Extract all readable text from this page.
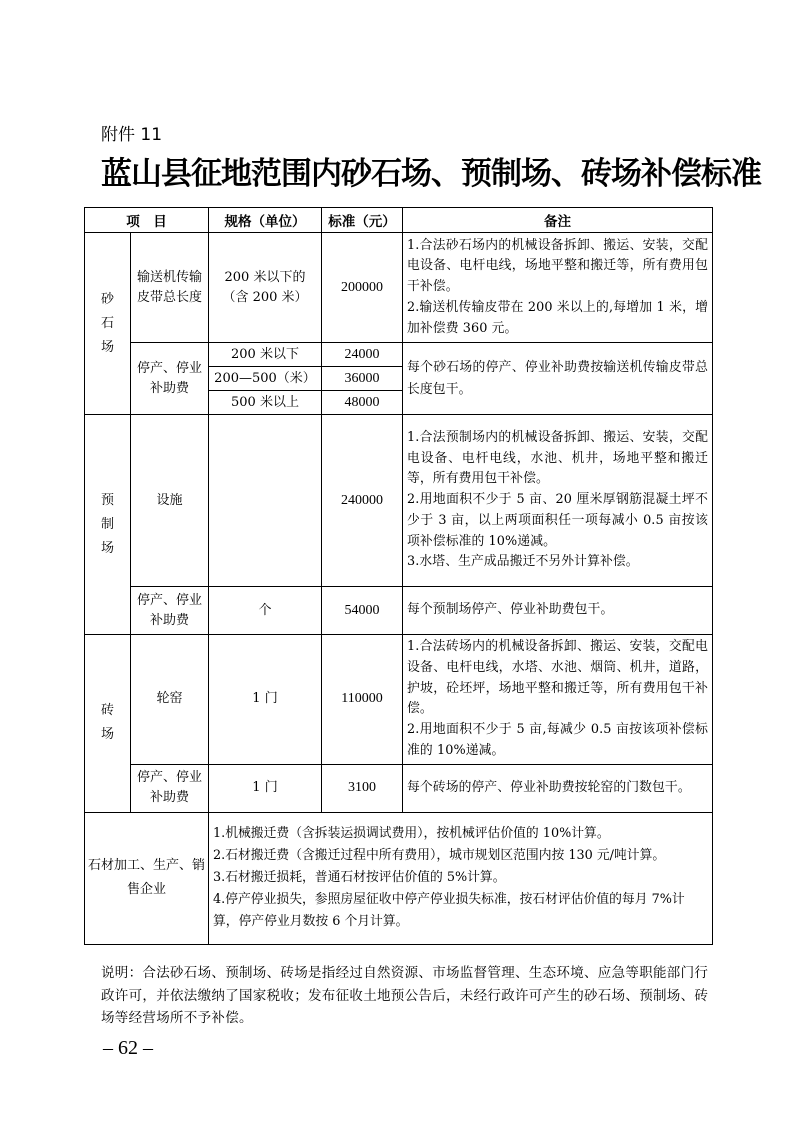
附件 11
蓝山县征地范围内砂石场、预制场、砖场补偿标准
项　目		规格（单位）	标准（元）	备注

砂石场	输送机传输皮带总长度	200 米以下的（含 200 米）	200000	1.合法砂石场内的机械设备拆卸、搬运、安装，交配电设备、电杆电线，场地平整和搬迁等，所有费用包干补偿。
2.输送机传输皮带在 200 米以上的,每增加 1 米，增加补偿费 360 元。

	停产、停业补助费	200 米以下	24000	每个砂石场的停产、停业补助费按输送机传输皮带总长度包干。
		200—500（米）	36000	
		500 米以上	48000	

预制场	设施		240000	1.合法预制场内的机械设备拆卸、搬运、安装，交配电设备、电杆电线，水池、机井，场地平整和搬迁等，所有费用包干补偿。
2.用地面积不少于 5 亩、20 厘米厚钢筋混凝土坪不少于 3 亩，以上两项面积任一项每减小 0.5 亩按该项补偿标准的 10%递减。
3.水塔、生产成品搬迁不另外计算补偿。

	停产、停业补助费	个	54000	每个预制场停产、停业补助费包干。

砖场	轮窑	1 门	110000	1.合法砖场内的机械设备拆卸、搬运、安装，交配电设备、电杆电线，水塔、水池、烟筒、机井，道路，护坡，砼坯坪，场地平整和搬迁等，所有费用包干补偿。
2.用地面积不少于 5 亩,每减少 0.5 亩按该项补偿标准的 10%递减。

	停产、停业补助费	1 门	3100	每个砖场的停产、停业补助费按轮窑的门数包干。
石材加工、生产、销售企业		1.机械搬迁费（含拆装运损调试费用），按机械评估价值的 10%计算。
2.石材搬迁费（含搬迁过程中所有费用），城市规划区范围内按 130 元/吨计算。
3.石材搬迁损耗，普通石材按评估价值的 5%计算。
4.停产停业损失，参照房屋征收中停产停业损失标准，按石材评估价值的每月 7%计算，停产停业月数按 6 个月计算。		
说明：合法砂石场、预制场、砖场是指经过自然资源、市场监督管理、生态环境、应急等职能部门行政许可，并依法缴纳了国家税收；发布征收土地预公告后，未经行政许可产生的砂石场、预制场、砖场等经营场所不予补偿。
– 62 –
